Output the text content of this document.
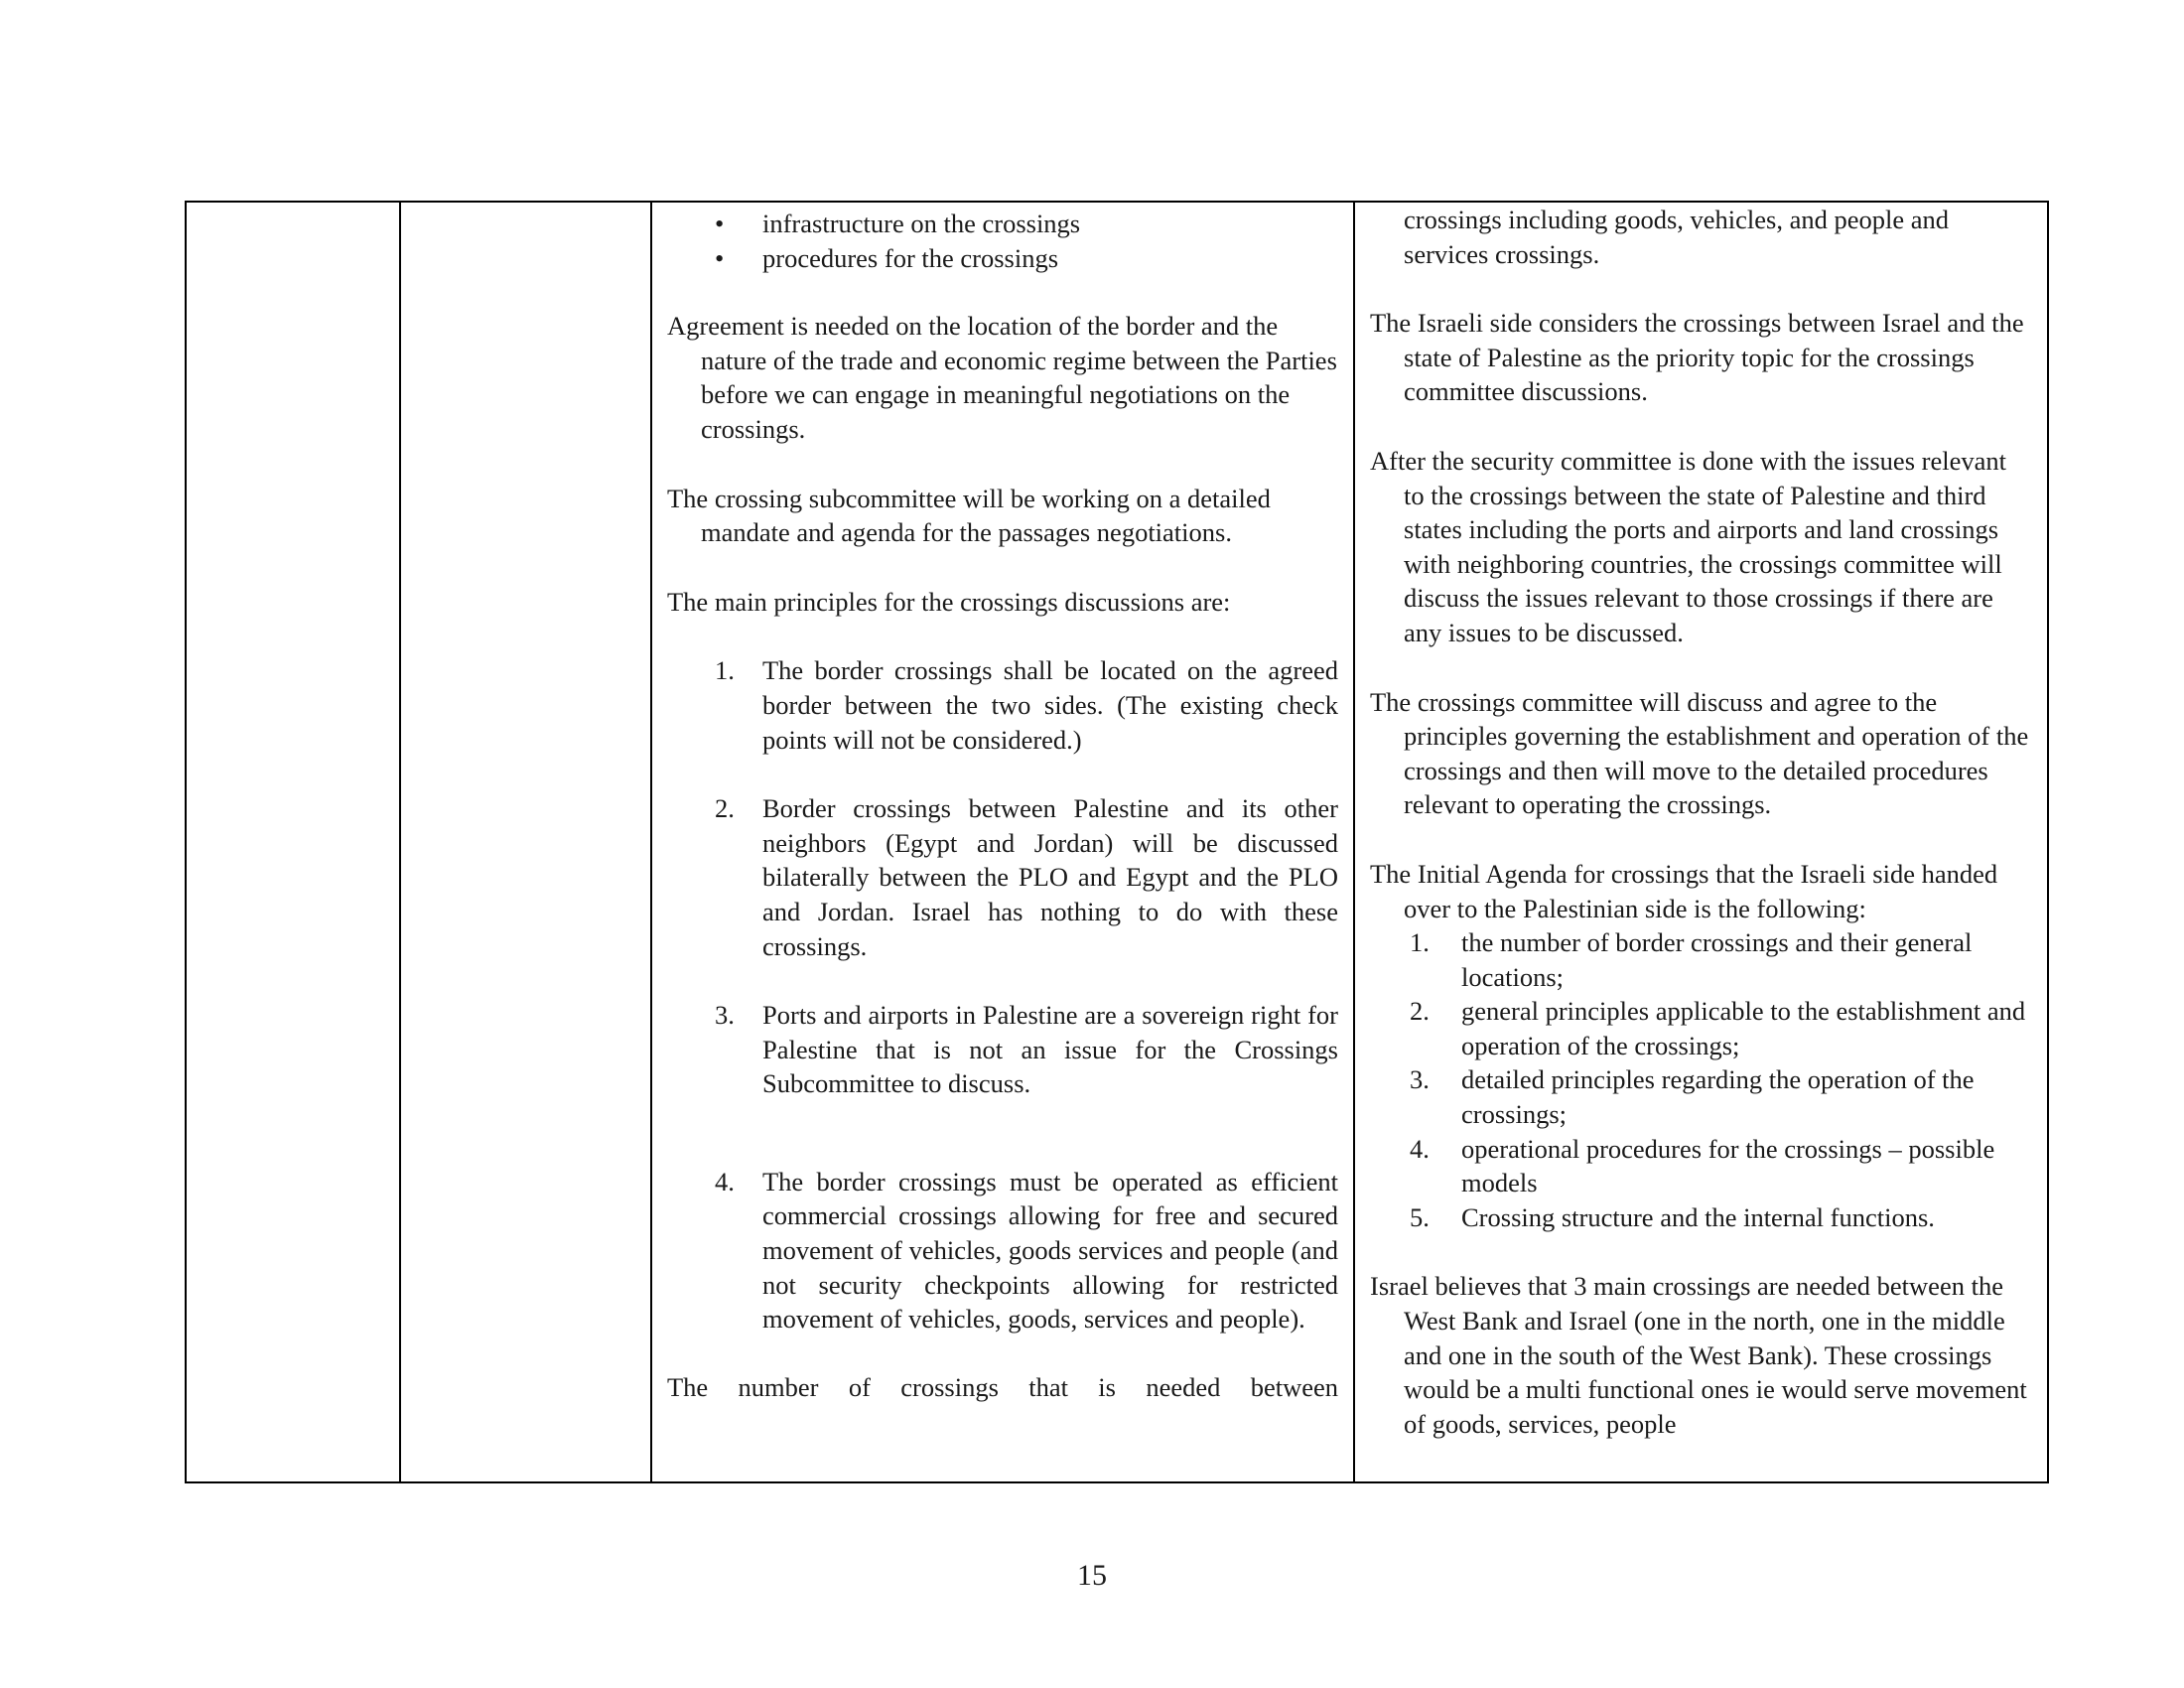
• infrastructure on the crossings
• procedures for the crossings

Agreement is needed on the location of the border and the nature of the trade and economic regime between the Parties before we can engage in meaningful negotiations on the crossings.

The crossing subcommittee will be working on a detailed mandate and agenda for the passages negotiations.

The main principles for the crossings discussions are:

1. The border crossings shall be located on the agreed border between the two sides. (The existing check points will not be considered.)
2. Border crossings between Palestine and its other neighbors (Egypt and Jordan) will be discussed bilaterally between the PLO and Egypt and the PLO and Jordan. Israel has nothing to do with these crossings.
3. Ports and airports in Palestine are a sovereign right for Palestine that is not an issue for the Crossings Subcommittee to discuss.
4. The border crossings must be operated as efficient commercial crossings allowing for free and secured movement of vehicles, goods services and people (and not security checkpoints allowing for restricted movement of vehicles, goods, services and people).

The number of crossings that is needed between

crossings including goods, vehicles, and people and services crossings.

The Israeli side considers the crossings between Israel and the state of Palestine as the priority topic for the crossings committee discussions.

After the security committee is done with the issues relevant to the crossings between the state of Palestine and third states including the ports and airports and land crossings with neighboring countries, the crossings committee will discuss the issues relevant to those crossings if there are any issues to be discussed.

The crossings committee will discuss and agree to the principles governing the establishment and operation of the crossings and then will move to the detailed procedures relevant to operating the crossings.

The Initial Agenda for crossings that the Israeli side handed over to the Palestinian side is the following:

1. the number of border crossings and their general locations;
2. general principles applicable to the establishment and operation of the crossings;
3. detailed principles regarding the operation of the crossings;
4. operational procedures for the crossings – possible models
5. Crossing structure and the internal functions.

Israel believes that 3 main crossings are needed between the West Bank and Israel (one in the north, one in the middle and one in the south of the West Bank). These crossings would be a multi functional ones ie would serve movement of goods, services, people

15
